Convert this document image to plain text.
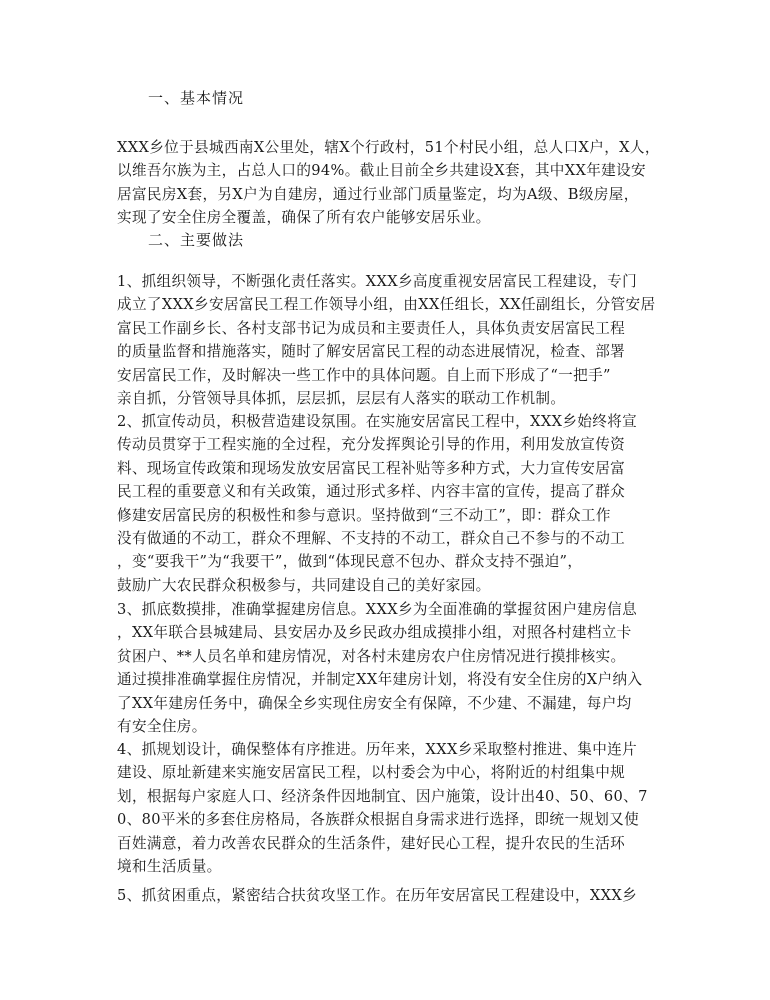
一、基本情况
XXX乡位于县城西南X公里处，辖X个行政村，51个村民小组，总人口X户，X人，
以维吾尔族为主，占总人口的94%。截止目前全乡共建设X套，其中XX年建设安
居富民房X套，另X户为自建房，通过行业部门质量鉴定，均为A级、B级房屋，
实现了安全住房全覆盖，确保了所有农户能够安居乐业。
二、主要做法
1、抓组织领导，不断强化责任落实。XXX乡高度重视安居富民工程建设，专门
成立了XXX乡安居富民工程工作领导小组，由XX任组长，XX任副组长，分管安居
富民工作副乡长、各村支部书记为成员和主要责任人，具体负责安居富民工程
的质量监督和措施落实，随时了解安居富民工程的动态进展情况，检查、部署
安居富民工作，及时解决一些工作中的具体问题。自上而下形成了“一把手”
亲自抓，分管领导具体抓，层层抓，层层有人落实的联动工作机制。
2、抓宣传动员，积极营造建设氛围。在实施安居富民工程中，XXX乡始终将宣
传动员贯穿于工程实施的全过程，充分发挥舆论引导的作用，利用发放宣传资
料、现场宣传政策和现场发放安居富民工程补贴等多种方式，大力宣传安居富
民工程的重要意义和有关政策，通过形式多样、内容丰富的宣传，提高了群众
修建安居富民房的积极性和参与意识。坚持做到“三不动工”，即：群众工作
没有做通的不动工，群众不理解、不支持的不动工，群众自己不参与的不动工
，变“要我干”为“我要干”，做到“体现民意不包办、群众支持不强迫”，
鼓励广大农民群众积极参与，共同建设自己的美好家园。
3、抓底数摸排，准确掌握建房信息。XXX乡为全面准确的掌握贫困户建房信息
，XX年联合县城建局、县安居办及乡民政办组成摸排小组，对照各村建档立卡
贫困户、**人员名单和建房情况，对各村未建房农户住房情况进行摸排核实。
通过摸排准确掌握住房情况，并制定XX年建房计划，将没有安全住房的X户纳入
了XX年建房任务中，确保全乡实现住房安全有保障，不少建、不漏建，每户均
有安全住房。
4、抓规划设计，确保整体有序推进。历年来，XXX乡采取整村推进、集中连片
建设、原址新建来实施安居富民工程，以村委会为中心，将附近的村组集中规
划，根据每户家庭人口、经济条件因地制宜、因户施策，设计出40、50、60、7
0、80平米的多套住房格局，各族群众根据自身需求进行选择，即统一规划又使
百姓满意，着力改善农民群众的生活条件，建好民心工程，提升农民的生活环
境和生活质量。
5、抓贫困重点，紧密结合扶贫攻坚工作。在历年安居富民工程建设中，XXX乡
